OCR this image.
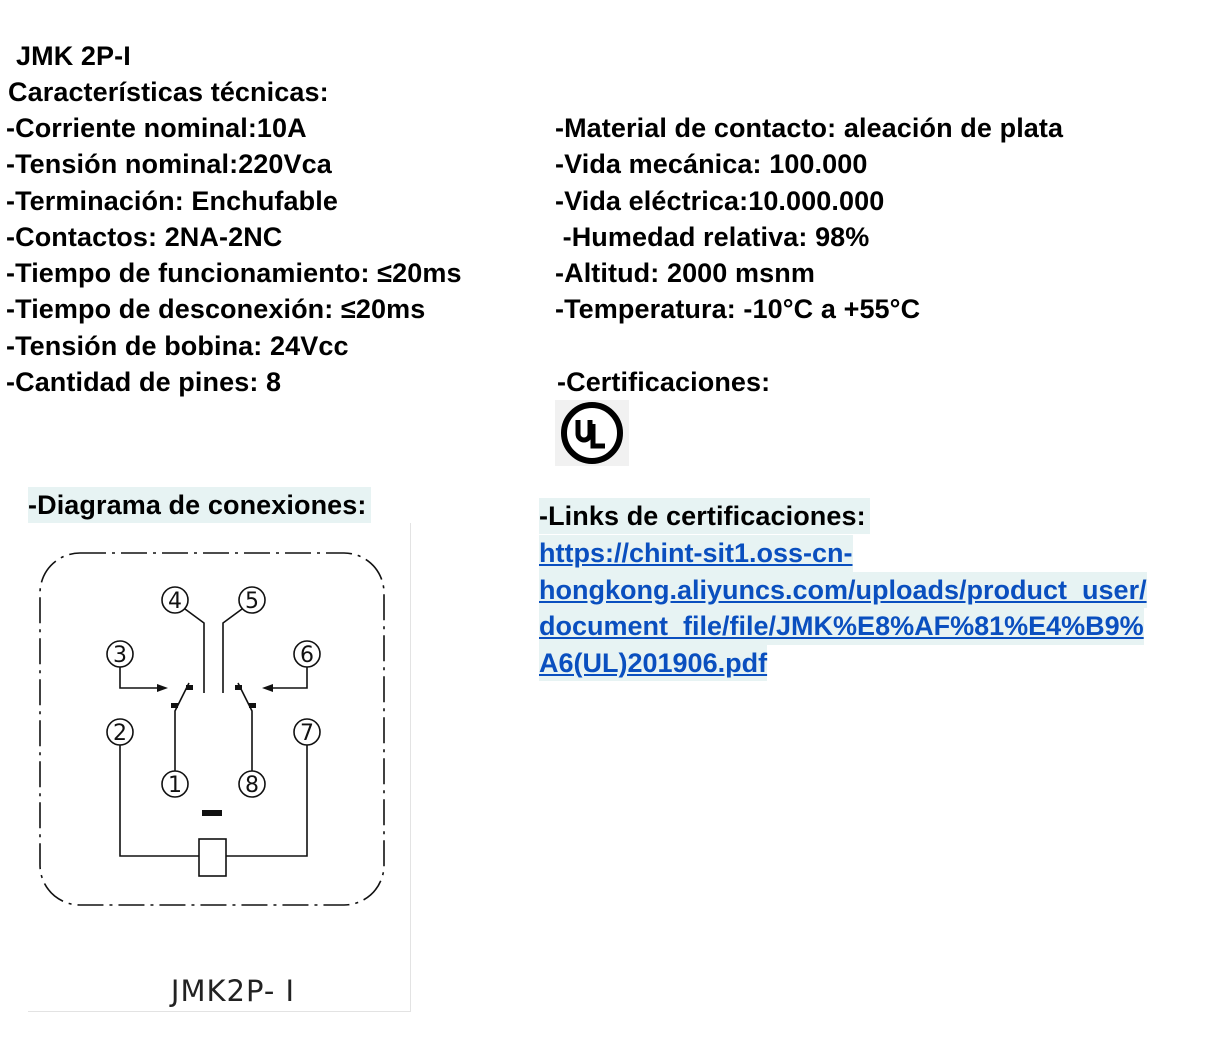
JMK 2P-I
Características técnicas:
-Corriente nominal:10A
-Tensión nominal:220Vca
-Terminación: Enchufable
-Contactos: 2NA-2NC
-Tiempo de funcionamiento: ≤20ms
-Tiempo de desconexión: ≤20ms
-Tensión de bobina: 24Vcc
-Cantidad de pines: 8
-Material de contacto: aleación de plata
-Vida mecánica: 100.000
-Vida eléctrica:10.000.000
-Humedad relativa: 98%
-Altitud: 2000 msnm
-Temperatura: -10°C a +55°C
-Certificaciones:
-Diagrama de conexiones:
4	5
3	6
2	7
1	8
JMK2P- I
-Links de certificaciones:
https://chint-sit1.oss-cn-
hongkong.aliyuncs.com/uploads/product_user/
document_file/file/JMK%E8%AF%81%E4%B9%
A6(UL)201906.pdf
